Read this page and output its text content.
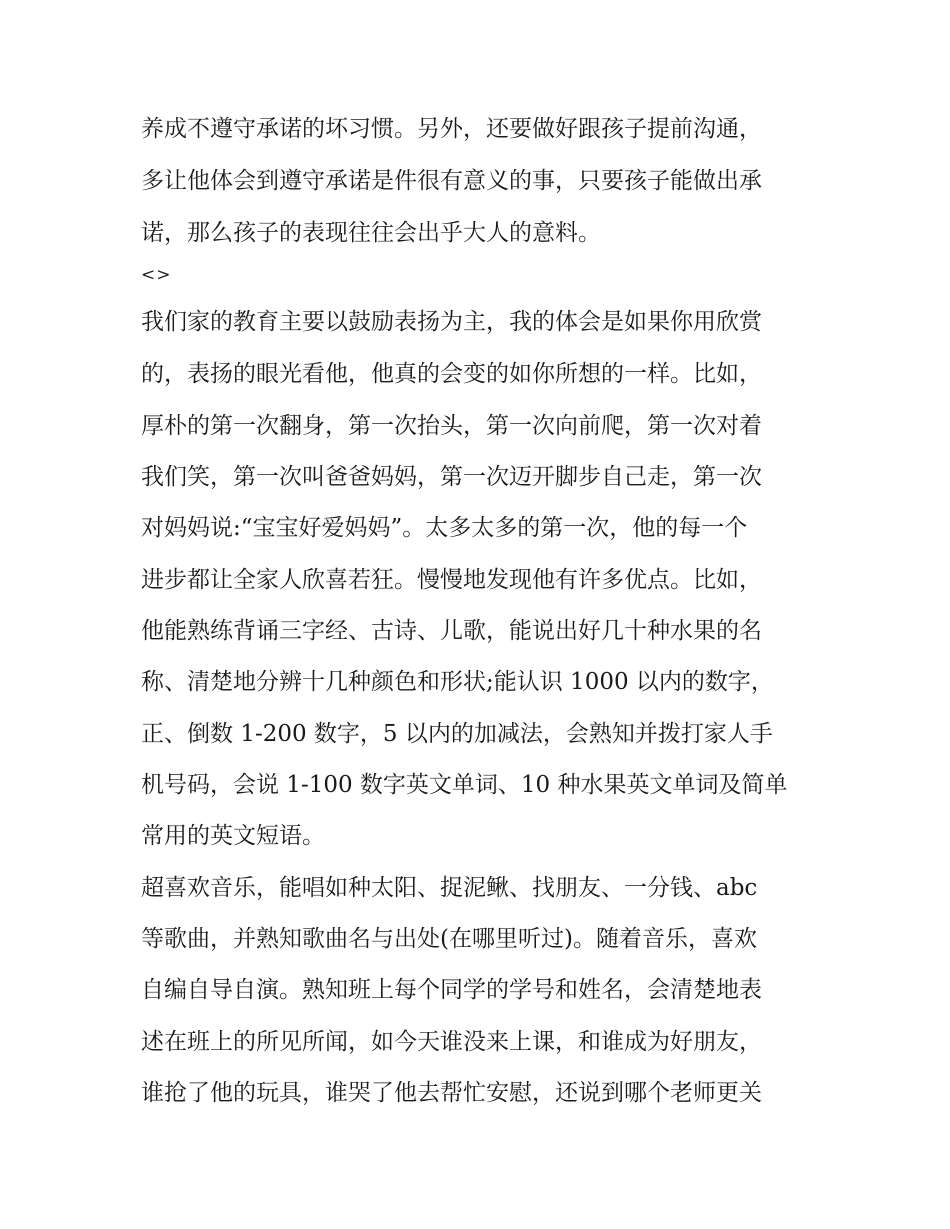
养成不遵守承诺的坏习惯。另外，还要做好跟孩子提前沟通，
多让他体会到遵守承诺是件很有意义的事，只要孩子能做出承
诺，那么孩子的表现往往会出乎大人的意料。
<>
我们家的教育主要以鼓励表扬为主，我的体会是如果你用欣赏
的，表扬的眼光看他，他真的会变的如你所想的一样。比如，
厚朴的第一次翻身，第一次抬头，第一次向前爬，第一次对着
我们笑，第一次叫爸爸妈妈，第一次迈开脚步自己走，第一次
对妈妈说:“宝宝好爱妈妈”。太多太多的第一次，他的每一个
进步都让全家人欣喜若狂。慢慢地发现他有许多优点。比如，
他能熟练背诵三字经、古诗、儿歌，能说出好几十种水果的名
称、清楚地分辨十几种颜色和形状;能认识 1000 以内的数字，
正、倒数 1-200 数字，5 以内的加减法，会熟知并拨打家人手
机号码，会说 1-100 数字英文单词、10 种水果英文单词及简单
常用的英文短语。
超喜欢音乐，能唱如种太阳、捉泥鳅、找朋友、一分钱、abc
等歌曲，并熟知歌曲名与出处(在哪里听过)。随着音乐，喜欢
自编自导自演。熟知班上每个同学的学号和姓名，会清楚地表
述在班上的所见所闻，如今天谁没来上课，和谁成为好朋友，
谁抢了他的玩具，谁哭了他去帮忙安慰，还说到哪个老师更关
